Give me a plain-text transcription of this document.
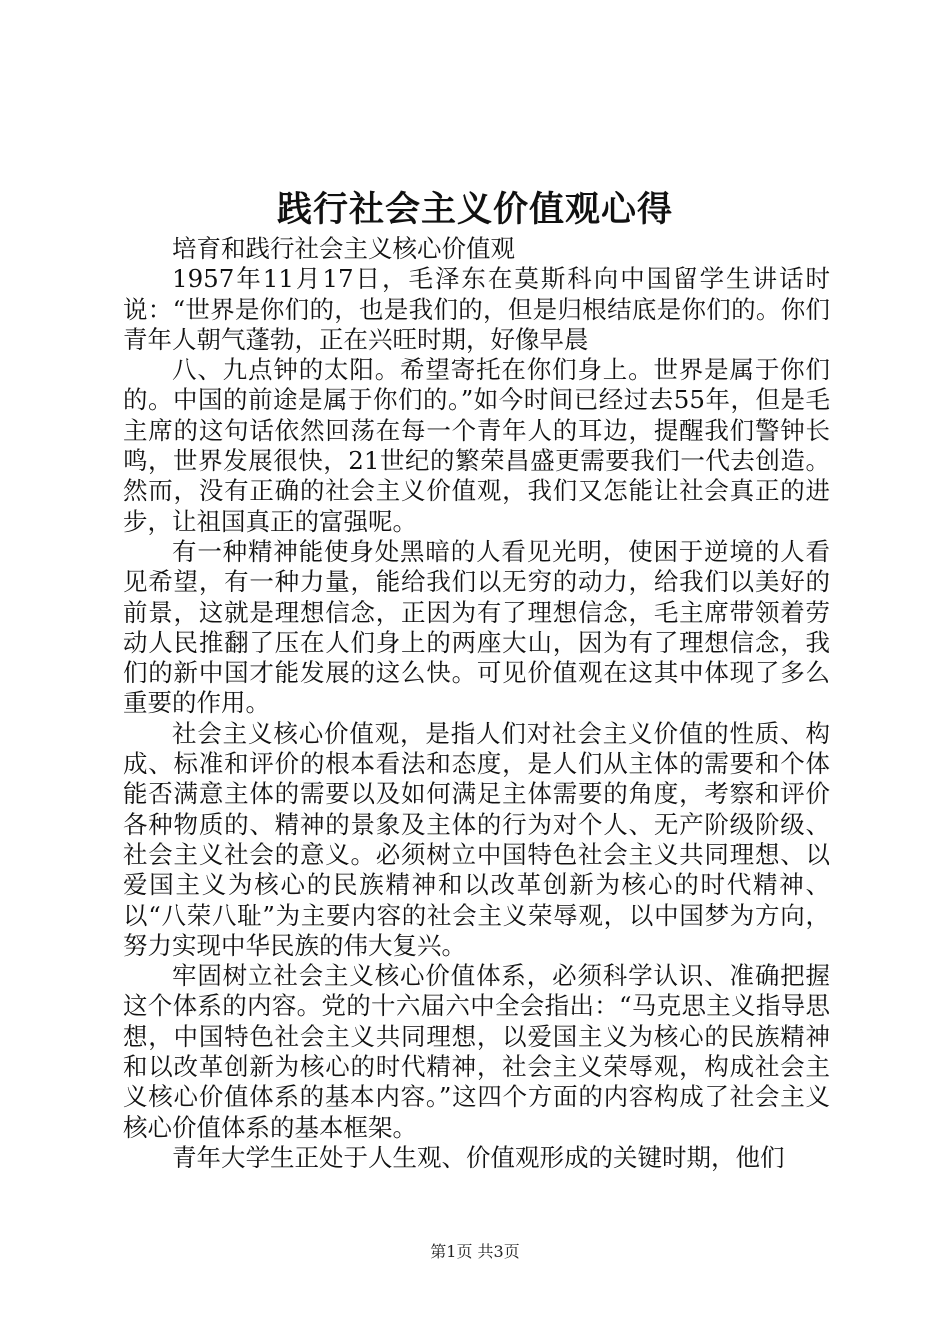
践行社会主义价值观心得

培育和践行社会主义核心价值观

1957年11月17日，毛泽东在莫斯科向中国留学生讲话时说：“世界是你们的，也是我们的，但是归根结底是你们的。你们青年人朝气蓬勃，正在兴旺时期，好像早晨

八、九点钟的太阳。希望寄托在你们身上。世界是属于你们的。中国的前途是属于你们的。”如今时间已经过去55年，但是毛主席的这句话依然回荡在每一个青年人的耳边，提醒我们警钟长鸣，世界发展很快，21世纪的繁荣昌盛更需要我们一代去创造。然而，没有正确的社会主义价值观，我们又怎能让社会真正的进步，让祖国真正的富强呢。

有一种精神能使身处黑暗的人看见光明，使困于逆境的人看见希望，有一种力量，能给我们以无穷的动力，给我们以美好的前景，这就是理想信念，正因为有了理想信念，毛主席带领着劳动人民推翻了压在人们身上的两座大山，因为有了理想信念，我们的新中国才能发展的这么快。可见价值观在这其中体现了多么重要的作用。

社会主义核心价值观，是指人们对社会主义价值的性质、构成、标准和评价的根本看法和态度，是人们从主体的需要和个体能否满意主体的需要以及如何满足主体需要的角度，考察和评价各种物质的、精神的景象及主体的行为对个人、无产阶级阶级、社会主义社会的意义。必须树立中国特色社会主义共同理想、以爱国主义为核心的民族精神和以改革创新为核心的时代精神、以“八荣八耻”为主要内容的社会主义荣辱观，以中国梦为方向，努力实现中华民族的伟大复兴。

牢固树立社会主义核心价值体系，必须科学认识、准确把握这个体系的内容。党的十六届六中全会指出：“马克思主义指导思想，中国特色社会主义共同理想，以爱国主义为核心的民族精神和以改革创新为核心的时代精神，社会主义荣辱观，构成社会主义核心价值体系的基本内容。”这四个方面的内容构成了社会主义核心价值体系的基本框架。

青年大学生正处于人生观、价值观形成的关键时期，他们

第1页 共3页
